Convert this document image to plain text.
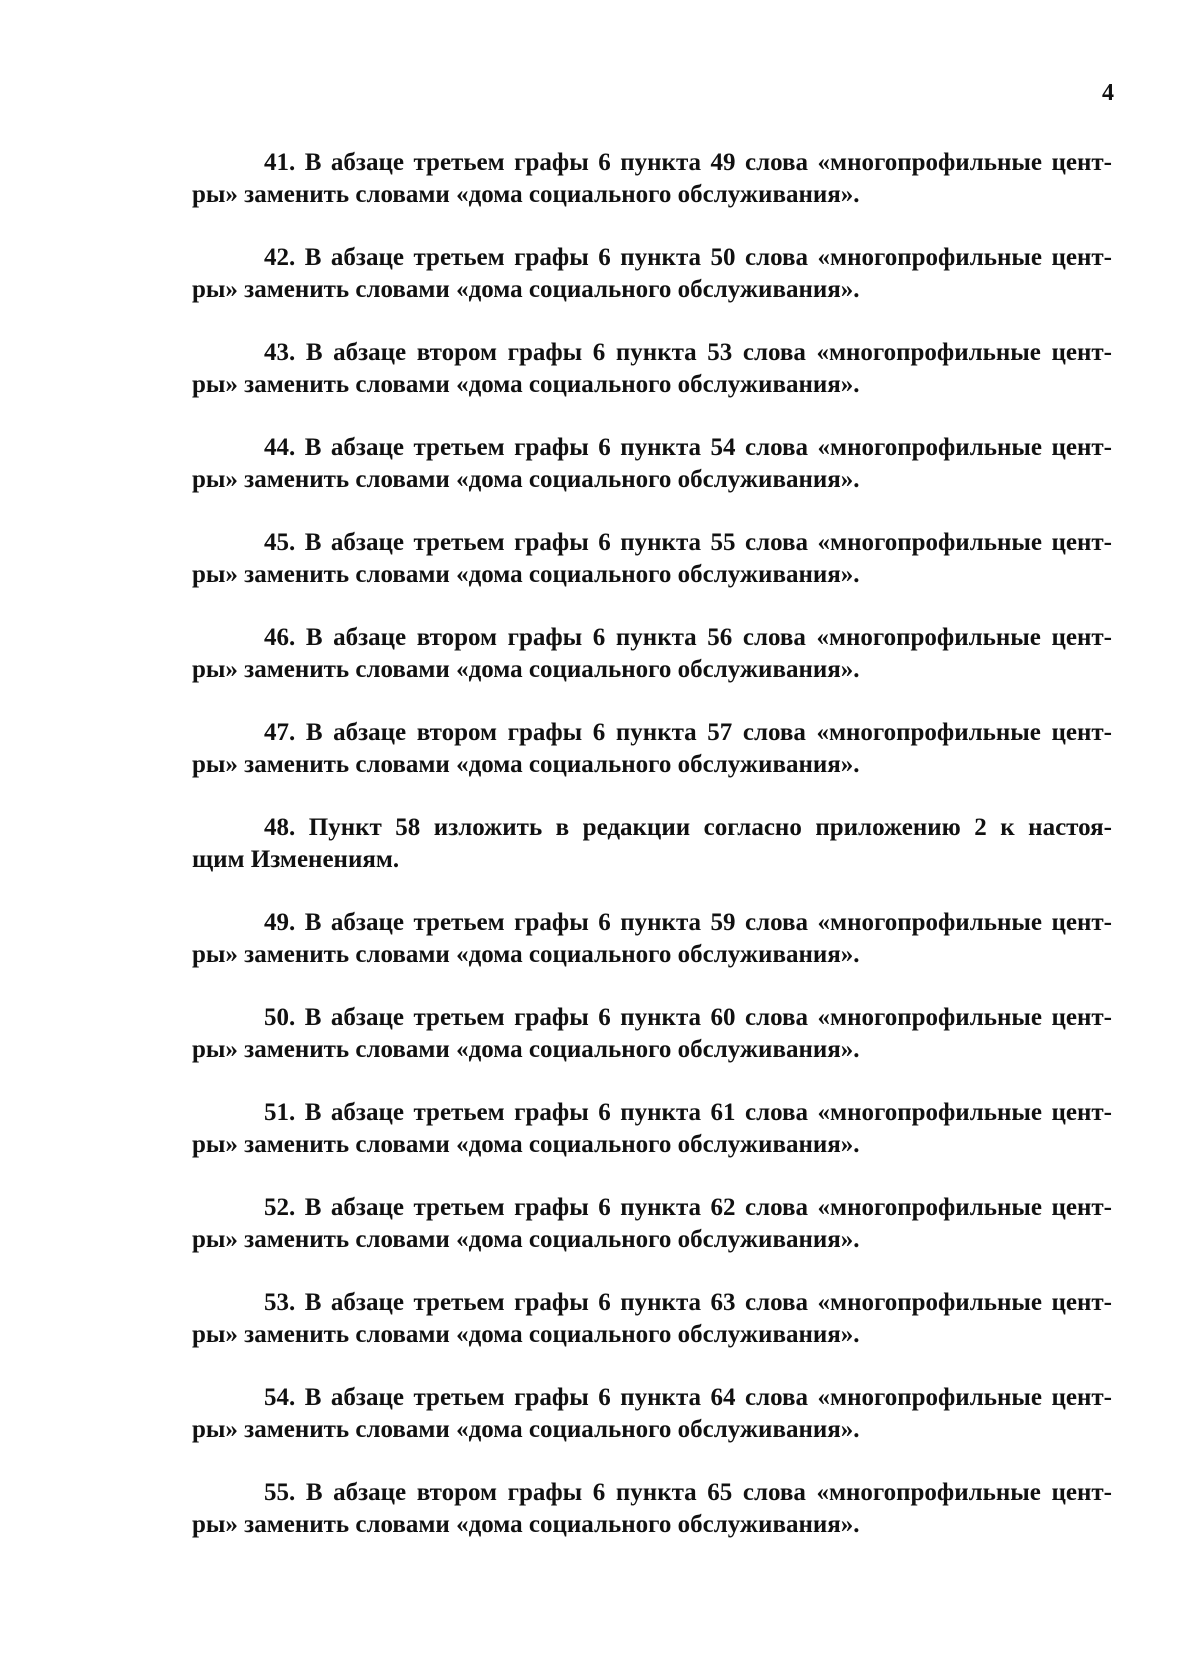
4
41. В абзаце третьем графы 6 пункта 49 слова «многопрофильные цент-
ры» заменить словами «дома социального обслуживания».
42. В абзаце третьем графы 6 пункта 50 слова «многопрофильные цент-
ры» заменить словами «дома социального обслуживания».
43. В абзаце втором графы 6 пункта 53 слова «многопрофильные цент-
ры» заменить словами «дома социального обслуживания».
44. В абзаце третьем графы 6 пункта 54 слова «многопрофильные цент-
ры» заменить словами «дома социального обслуживания».
45. В абзаце третьем графы 6 пункта 55 слова «многопрофильные цент-
ры» заменить словами «дома социального обслуживания».
46. В абзаце втором графы 6 пункта 56 слова «многопрофильные цент-
ры» заменить словами «дома социального обслуживания».
47. В абзаце втором графы 6 пункта 57 слова «многопрофильные цент-
ры» заменить словами «дома социального обслуживания».
48. Пункт 58 изложить в редакции согласно приложению 2 к настоя-
щим Изменениям.
49. В абзаце третьем графы 6 пункта 59 слова «многопрофильные цент-
ры» заменить словами «дома социального обслуживания».
50. В абзаце третьем графы 6 пункта 60 слова «многопрофильные цент-
ры» заменить словами «дома социального обслуживания».
51. В абзаце третьем графы 6 пункта 61 слова «многопрофильные цент-
ры» заменить словами «дома социального обслуживания».
52. В абзаце третьем графы 6 пункта 62 слова «многопрофильные цент-
ры» заменить словами «дома социального обслуживания».
53. В абзаце третьем графы 6 пункта 63 слова «многопрофильные цент-
ры» заменить словами «дома социального обслуживания».
54. В абзаце третьем графы 6 пункта 64 слова «многопрофильные цент-
ры» заменить словами «дома социального обслуживания».
55. В абзаце втором графы 6 пункта 65 слова «многопрофильные цент-
ры» заменить словами «дома социального обслуживания».
